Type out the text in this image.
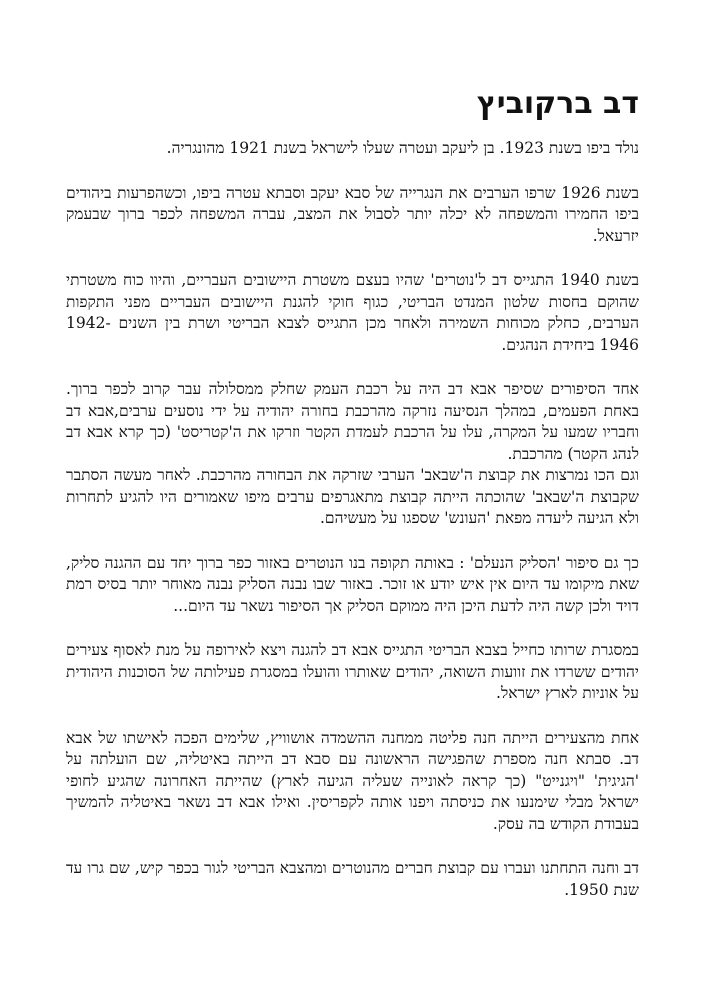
דב ברקוביץ

נולד ביפו בשנת 1923. בן ליעקב ועטרה שעלו לישראל בשנת 1921 מהונגריה.

בשנת 1926 שרפו הערבים את הנגרייה של סבא יעקב וסבתא עטרה ביפו, וכשהפרעות ביהודים ביפו החמירו והמשפחה לא יכלה יותר לסבול את המצב, עברה המשפחה לכפר ברוך שבעמק יזרעאל.

בשנת 1940 התגייס דב ל'נוטרים' שהיו בעצם משטרת היישובים העבריים, והיוו כוח משטרתי שהוקם בחסות שלטון המנדט הבריטי, כגוף חוקי להגנת היישובים העבריים מפני התקפות הערבים, כחלק מכוחות השמירה ולאחר מכן התגייס לצבא הבריטי ושרת בין השנים 1942-1946 ביחידת הנהגים.

אחד הסיפורים שסיפר אבא דב היה על רכבת העמק שחלק ממסלולה עבר קרוב לכפר ברוך. באחת הפעמים, במהלך הנסיעה נזרקה מהרכבת בחורה יהודיה על ידי נוסעים ערבים,אבא דב וחבריו שמעו על המקרה, עלו על הרכבת לעמדת הקטר וזרקו את ה'קטריסט' (כך קרא אבא דב לנהג הקטר) מהרכבת.

וגם הכו נמרצות את קבוצת ה'שבאב' הערבי שזרקה את הבחורה מהרכבת. לאחר מעשה הסתבר שקבוצת ה'שבאב' שהוכתה הייתה קבוצת מתאגרפים ערבים מיפו שאמורים היו להגיע לתחרות ולא הגיעה ליעדה מפאת 'העונש' שספגו על מעשיהם.

כך גם סיפור 'הסליק הנעלם' : באותה תקופה בנו הנוטרים באזור כפר ברוך יחד עם ההגנה סליק, שאת מיקומו עד היום אין איש יודע או זוכר. באזור שבו נבנה הסליק נבנה מאוחר יותר בסיס רמת דויד ולכן קשה היה לדעת היכן היה ממוקם הסליק אך הסיפור נשאר עד היום...

במסגרת שרותו כחייל בצבא הבריטי התגייס אבא דב להגנה ויצא לאירופה על מנת לאסוף צעירים יהודים ששרדו את זוועות השואה, יהודים שאותרו והועלו במסגרת פעילותה של הסוכנות היהודית על אוניות לארץ ישראל.

אחת מהצעירים הייתה חנה פליטה ממחנה ההשמדה אושוויץ, שלימים הפכה לאישתו של אבא דב. סבתא חנה מספרת שהפגישה הראשונה עם סבא דב הייתה באיטליה, שם הועלתה על 'הגיגית' "ויגנייט" (כך קראה לאונייה שעליה הגיעה לארץ) שהייתה האחרונה שהגיע לחופי ישראל מבלי שימנעו את כניסתה ויפנו אותה לקפריסין. ואילו אבא דב נשאר באיטליה להמשיך בעבודת הקודש בה עסק.

דב וחנה התחתנו ועברו עם קבוצת חברים מהנוטרים ומהצבא הבריטי לגור בכפר קיש, שם גרו עד שנת 1950.
